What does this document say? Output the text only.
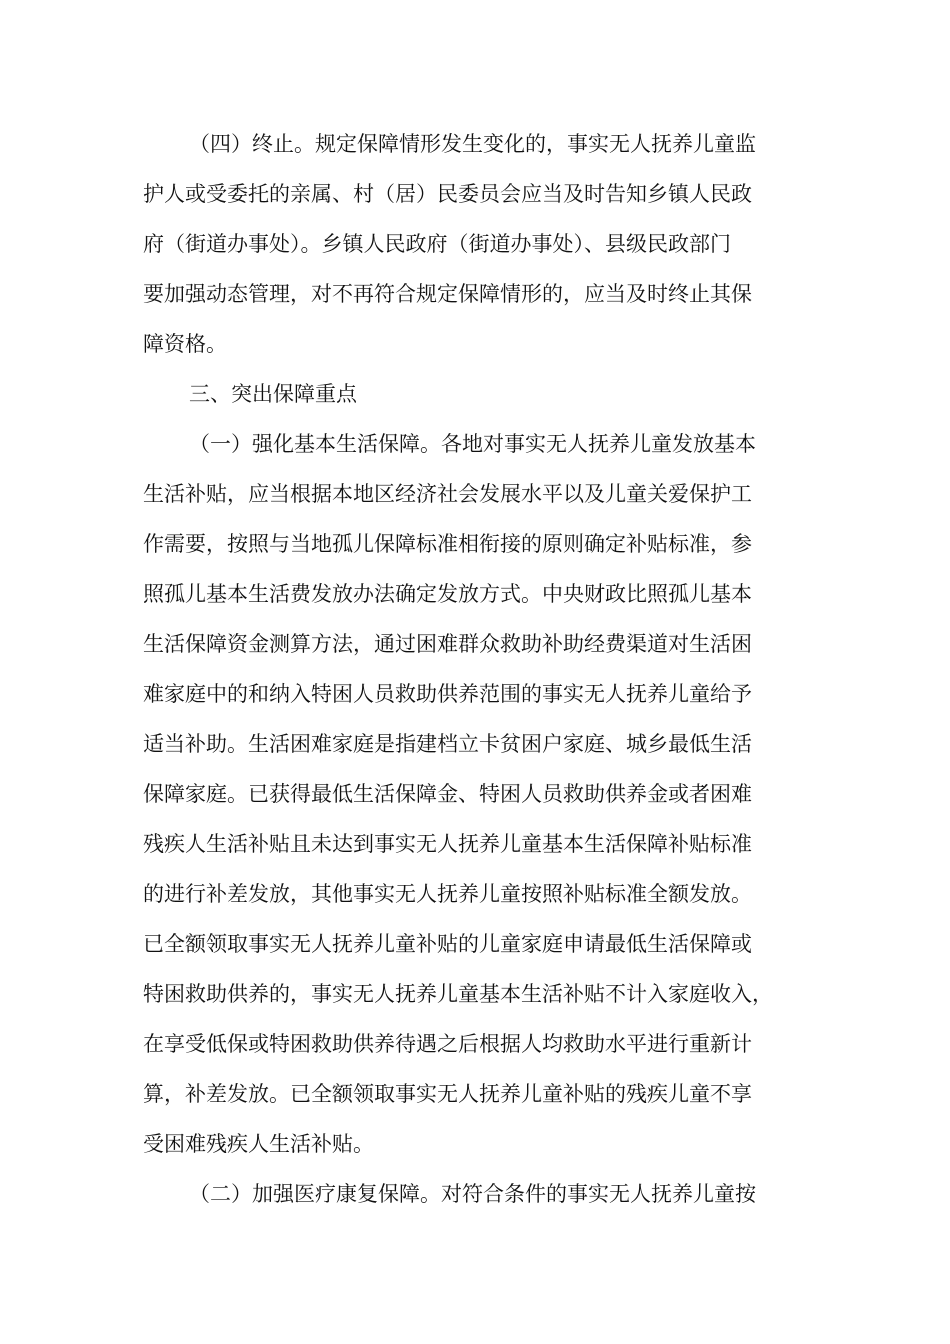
（四）终止。规定保障情形发生变化的，事实无人抚养儿童监
护人或受委托的亲属、村（居）民委员会应当及时告知乡镇人民政
府（街道办事处）。乡镇人民政府（街道办事处）、县级民政部门
要加强动态管理，对不再符合规定保障情形的，应当及时终止其保
障资格。
三、突出保障重点
（一）强化基本生活保障。各地对事实无人抚养儿童发放基本
生活补贴，应当根据本地区经济社会发展水平以及儿童关爱保护工
作需要，按照与当地孤儿保障标准相衔接的原则确定补贴标准，参
照孤儿基本生活费发放办法确定发放方式。中央财政比照孤儿基本
生活保障资金测算方法，通过困难群众救助补助经费渠道对生活困
难家庭中的和纳入特困人员救助供养范围的事实无人抚养儿童给予
适当补助。生活困难家庭是指建档立卡贫困户家庭、城乡最低生活
保障家庭。已获得最低生活保障金、特困人员救助供养金或者困难
残疾人生活补贴且未达到事实无人抚养儿童基本生活保障补贴标准
的进行补差发放，其他事实无人抚养儿童按照补贴标准全额发放。
已全额领取事实无人抚养儿童补贴的儿童家庭申请最低生活保障或
特困救助供养的，事实无人抚养儿童基本生活补贴不计入家庭收入，
在享受低保或特困救助供养待遇之后根据人均救助水平进行重新计
算，补差发放。已全额领取事实无人抚养儿童补贴的残疾儿童不享
受困难残疾人生活补贴。
（二）加强医疗康复保障。对符合条件的事实无人抚养儿童按
